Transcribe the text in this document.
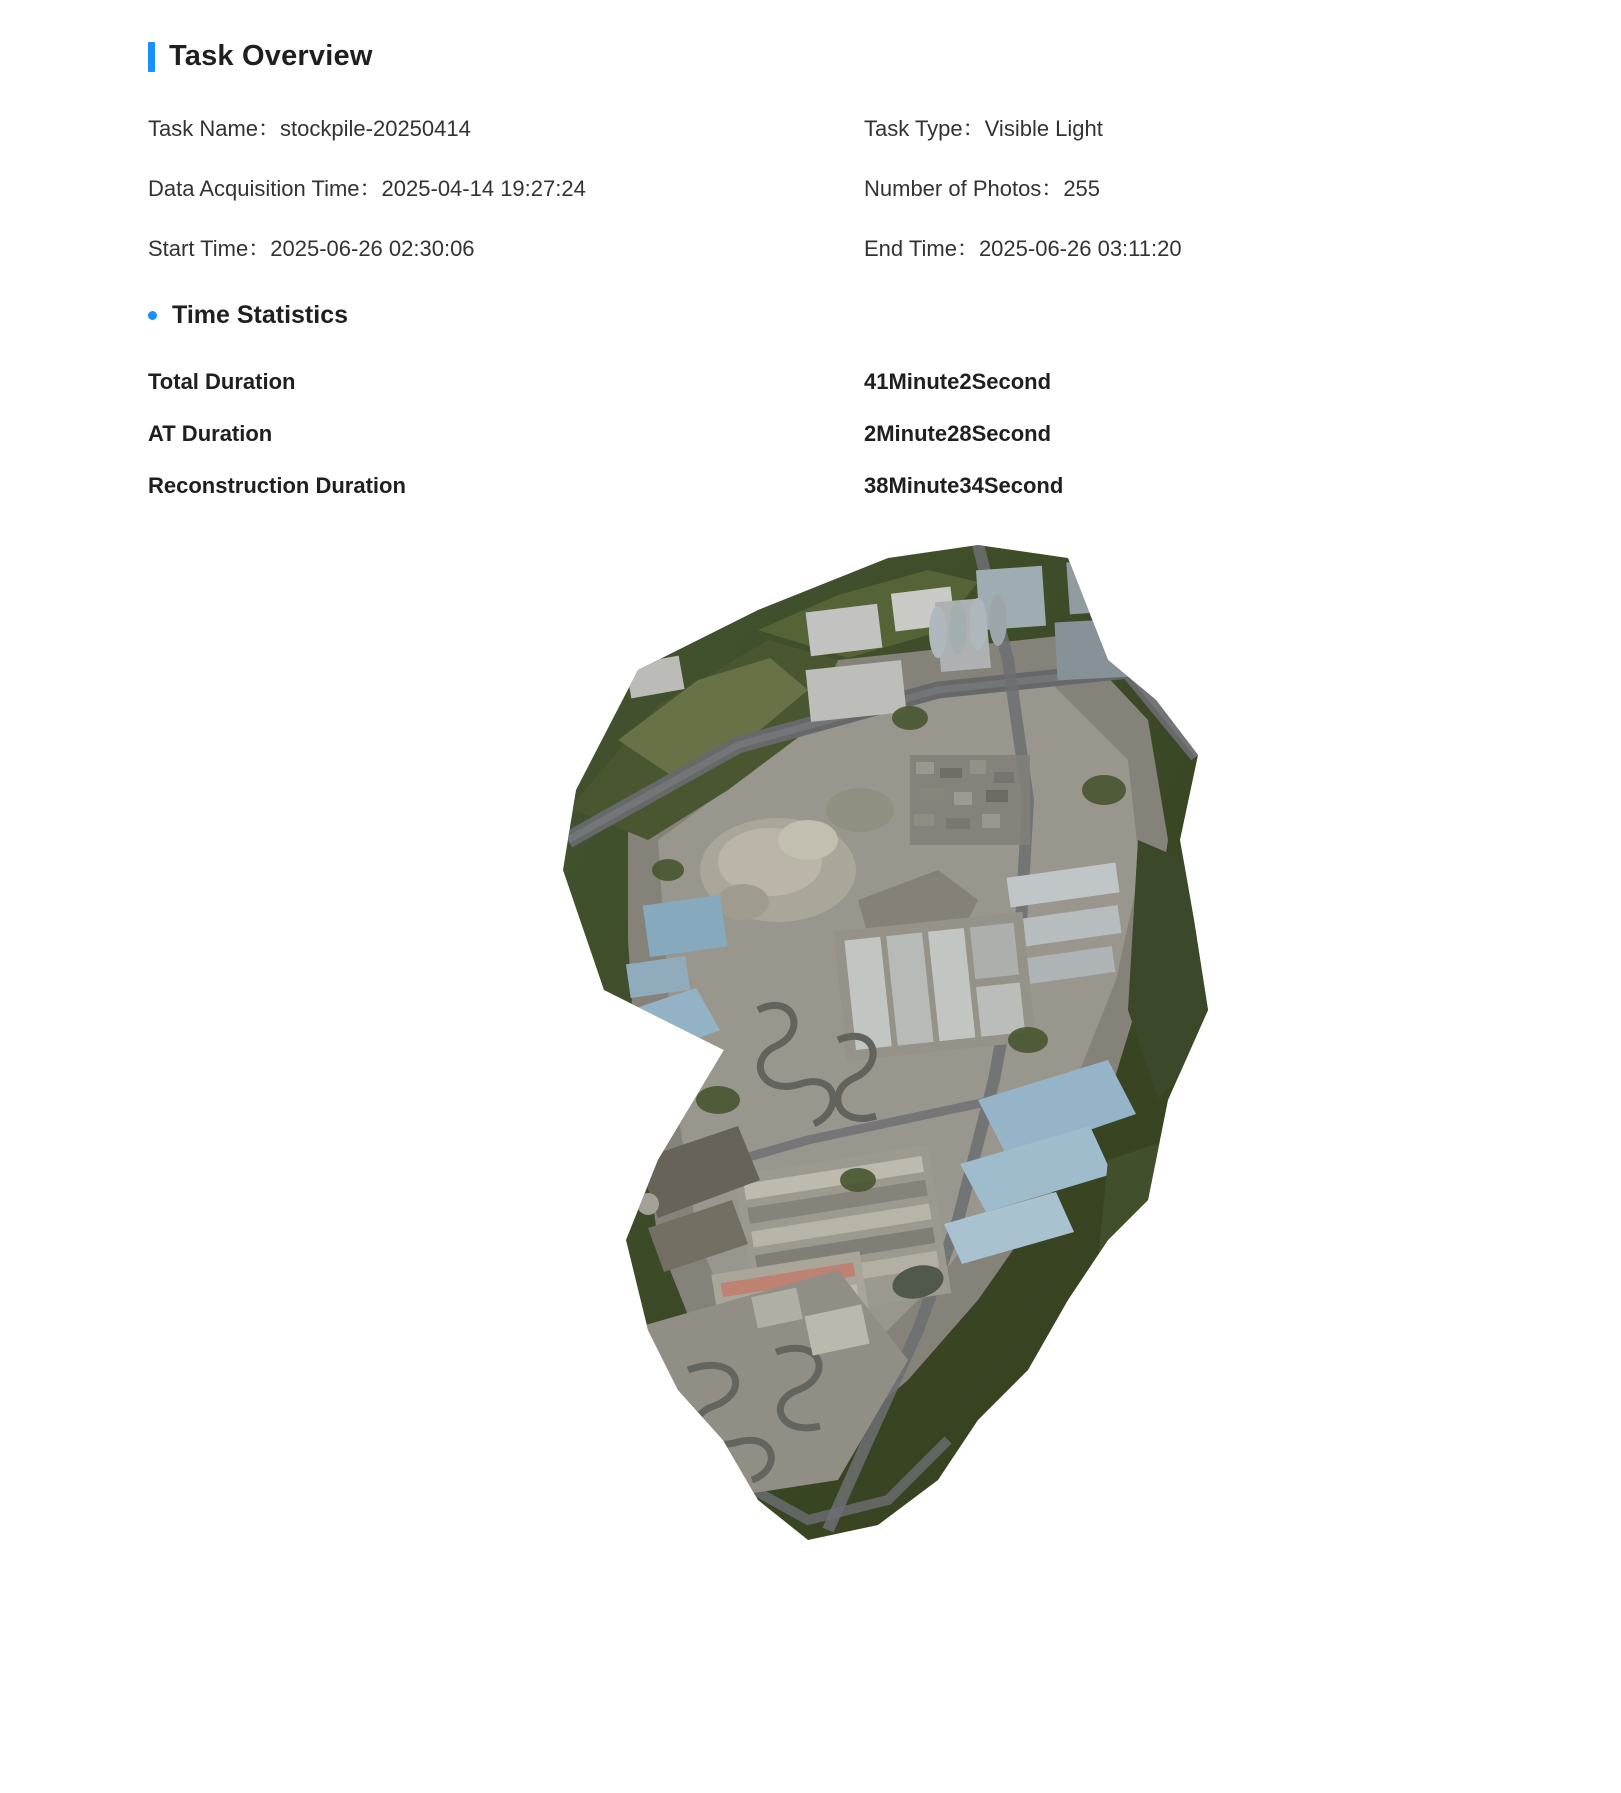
Task Overview
Task Name：stockpile-20250414	Task Type：Visible Light
Data Acquisition Time：2025-04-14 19:27:24	Number of Photos：255
Start Time：2025-06-26 02:30:06	End Time：2025-06-26 03:11:20
Time Statistics
Total Duration	41Minute2Second
AT Duration	2Minute28Second
Reconstruction Duration	38Minute34Second
